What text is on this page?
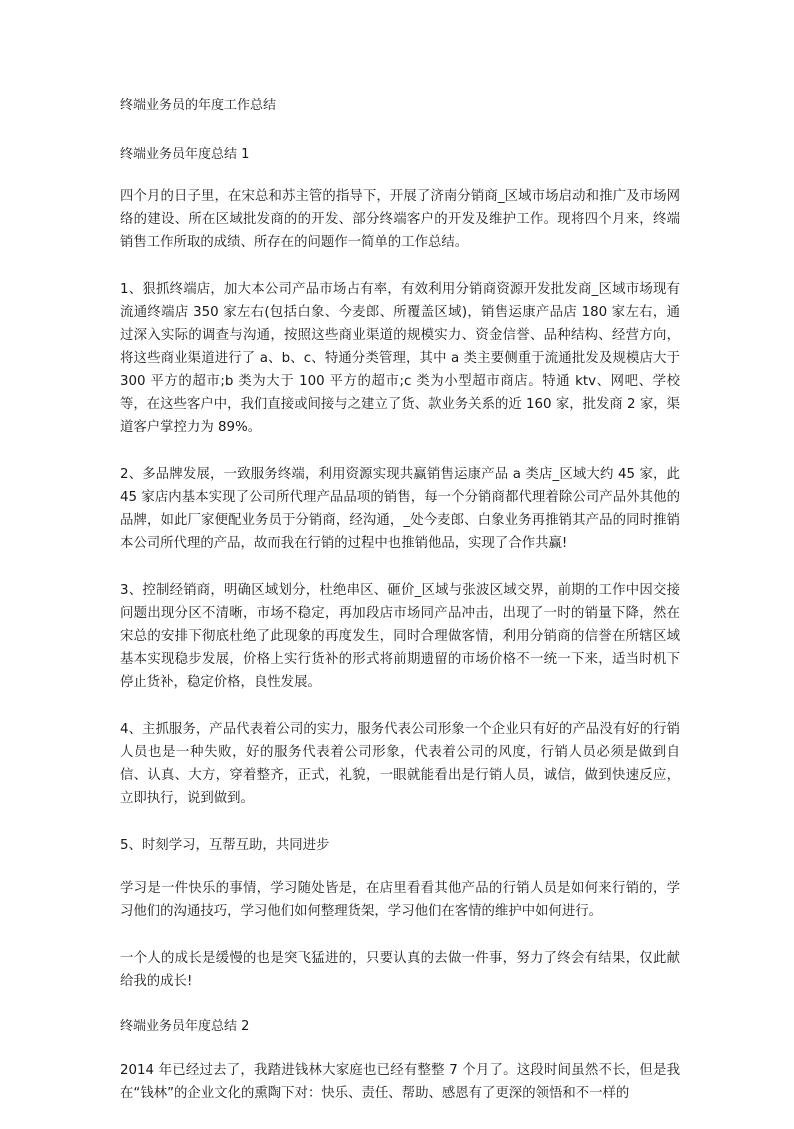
终端业务员的年度工作总结
终端业务员年度总结 1

四个月的日子里，在宋总和苏主管的指导下，开展了济南分销商_区域市场启动和推广及市场网络的建设、所在区域批发商的的开发、部分终端客户的开发及维护工作。现将四个月来，终端销售工作所取的成绩、所存在的问题作一简单的工作总结。

1、狠抓终端店，加大本公司产品市场占有率，有效利用分销商资源开发批发商_区域市场现有流通终端店 350 家左右(包括白象、今麦郎、所覆盖区域)，销售运康产品店 180 家左右，通过深入实际的调查与沟通，按照这些商业渠道的规模实力、资金信誉、品种结构、经营方向，将这些商业渠道进行了 a、b、c、特通分类管理，其中 a 类主要侧重于流通批发及规模店大于 300 平方的超市;b 类为大于 100 平方的超市;c 类为小型超市商店。特通 ktv、网吧、学校等，在这些客户中，我们直接或间接与之建立了货、款业务关系的近 160 家，批发商 2 家，渠道客户掌控力为 89%。

2、多品牌发展，一致服务终端，利用资源实现共赢销售运康产品 a 类店_区域大约 45 家，此 45 家店内基本实现了公司所代理产品品项的销售，每一个分销商都代理着除公司产品外其他的品牌，如此厂家便配业务员于分销商，经沟通，_处今麦郎、白象业务再推销其产品的同时推销本公司所代理的产品，故而我在行销的过程中也推销他品，实现了合作共赢!

3、控制经销商，明确区域划分，杜绝串区、砸价_区域与张波区域交界，前期的工作中因交接问题出现分区不清晰，市场不稳定，再加段店市场同产品冲击，出现了一时的销量下降，然在宋总的安排下彻底杜绝了此现象的再度发生，同时合理做客情，利用分销商的信誉在所辖区域基本实现稳步发展，价格上实行货补的形式将前期遗留的市场价格不一统一下来，适当时机下停止货补，稳定价格，良性发展。

4、主抓服务，产品代表着公司的实力，服务代表公司形象一个企业只有好的产品没有好的行销人员也是一种失败，好的服务代表着公司形象，代表着公司的风度，行销人员必须是做到自信、认真、大方，穿着整齐，正式，礼貌，一眼就能看出是行销人员，诚信，做到快速反应，立即执行，说到做到。

5、时刻学习，互帮互助，共同进步

学习是一件快乐的事情，学习随处皆是，在店里看看其他产品的行销人员是如何来行销的，学习他们的沟通技巧，学习他们如何整理货架，学习他们在客情的维护中如何进行。

一个人的成长是缓慢的也是突飞猛进的，只要认真的去做一件事，努力了终会有结果，仅此献给我的成长!

终端业务员年度总结 2

2014 年已经过去了，我踏进钱林大家庭也已经有整整 7 个月了。这段时间虽然不长，但是我在“钱林”的企业文化的熏陶下对：快乐、责任、帮助、感恩有了更深的领悟和不一样的
